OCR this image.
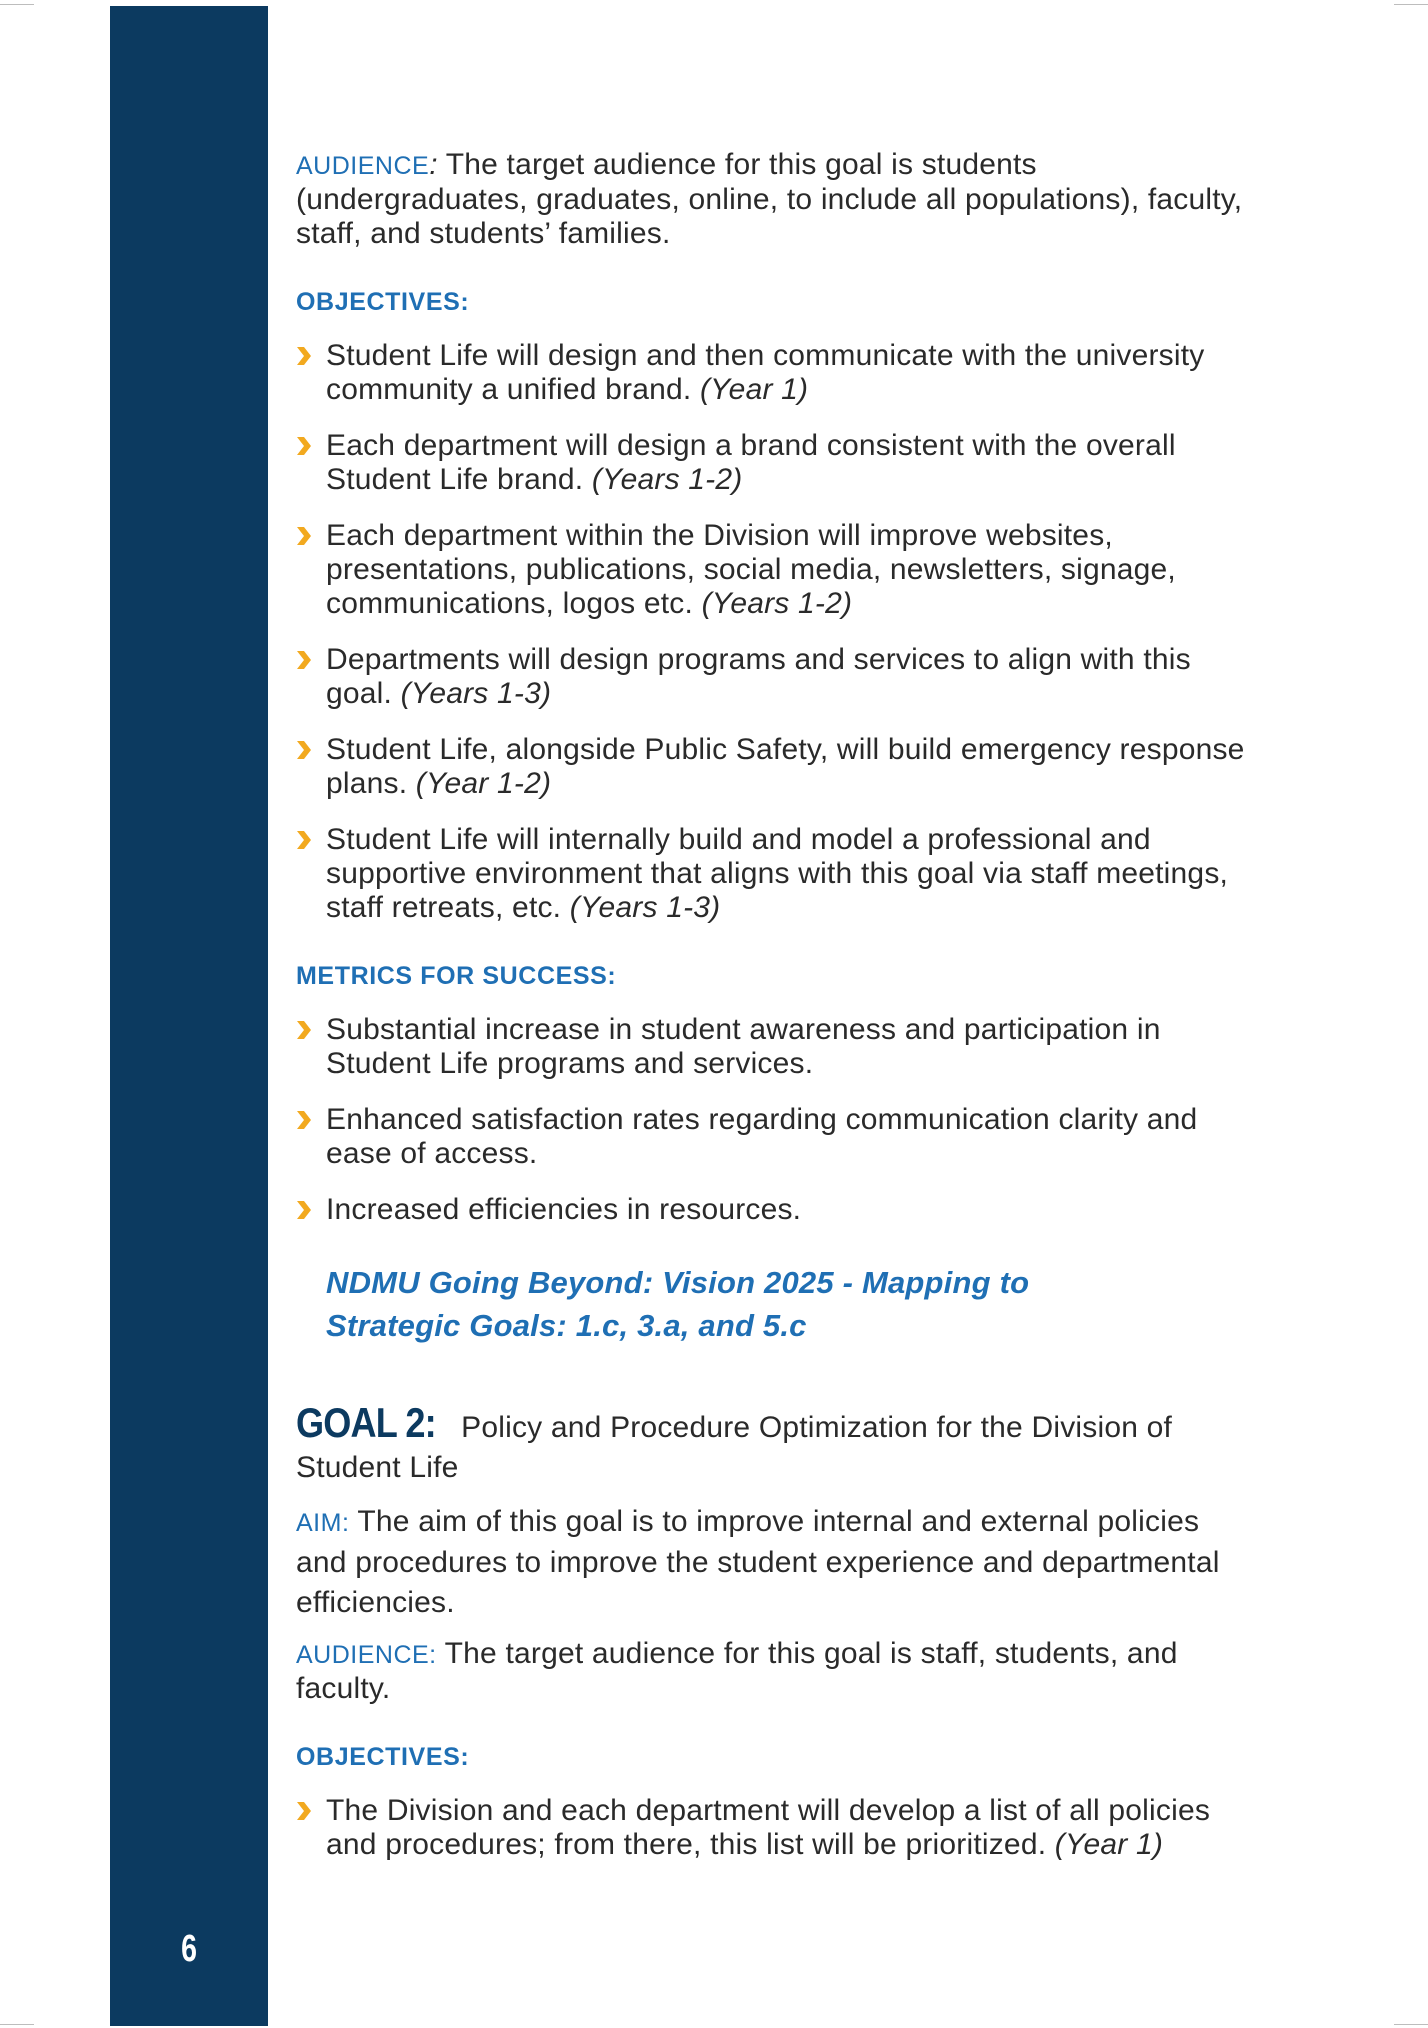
6

AUDIENCE: The target audience for this goal is students (undergraduates, graduates, online, to include all populations), faculty, staff, and students’ families.

OBJECTIVES:
Student Life will design and then communicate with the university community a unified brand. (Year 1)
Each department will design a brand consistent with the overall Student Life brand. (Years 1-2)
Each department within the Division will improve websites, presentations, publications, social media, newsletters, signage, communications, logos etc. (Years 1-2)
Departments will design programs and services to align with this goal. (Years 1-3)
Student Life, alongside Public Safety, will build emergency response plans. (Year 1-2)
Student Life will internally build and model a professional and supportive environment that aligns with this goal via staff meetings, staff retreats, etc. (Years 1-3)
METRICS FOR SUCCESS:
Substantial increase in student awareness and participation in Student Life programs and services.
Enhanced satisfaction rates regarding communication clarity and ease of access.
Increased efficiencies in resources.
NDMU Going Beyond: Vision 2025 - Mapping to
Strategic Goals: 1.c, 3.a, and 5.c

GOAL 2: Policy and Procedure Optimization for the Division of Student Life

AIM: The aim of this goal is to improve internal and external policies and procedures to improve the student experience and departmental efficiencies.

AUDIENCE: The target audience for this goal is staff, students, and faculty.

OBJECTIVES:
The Division and each department will develop a list of all policies and procedures; from there, this list will be prioritized. (Year 1)
